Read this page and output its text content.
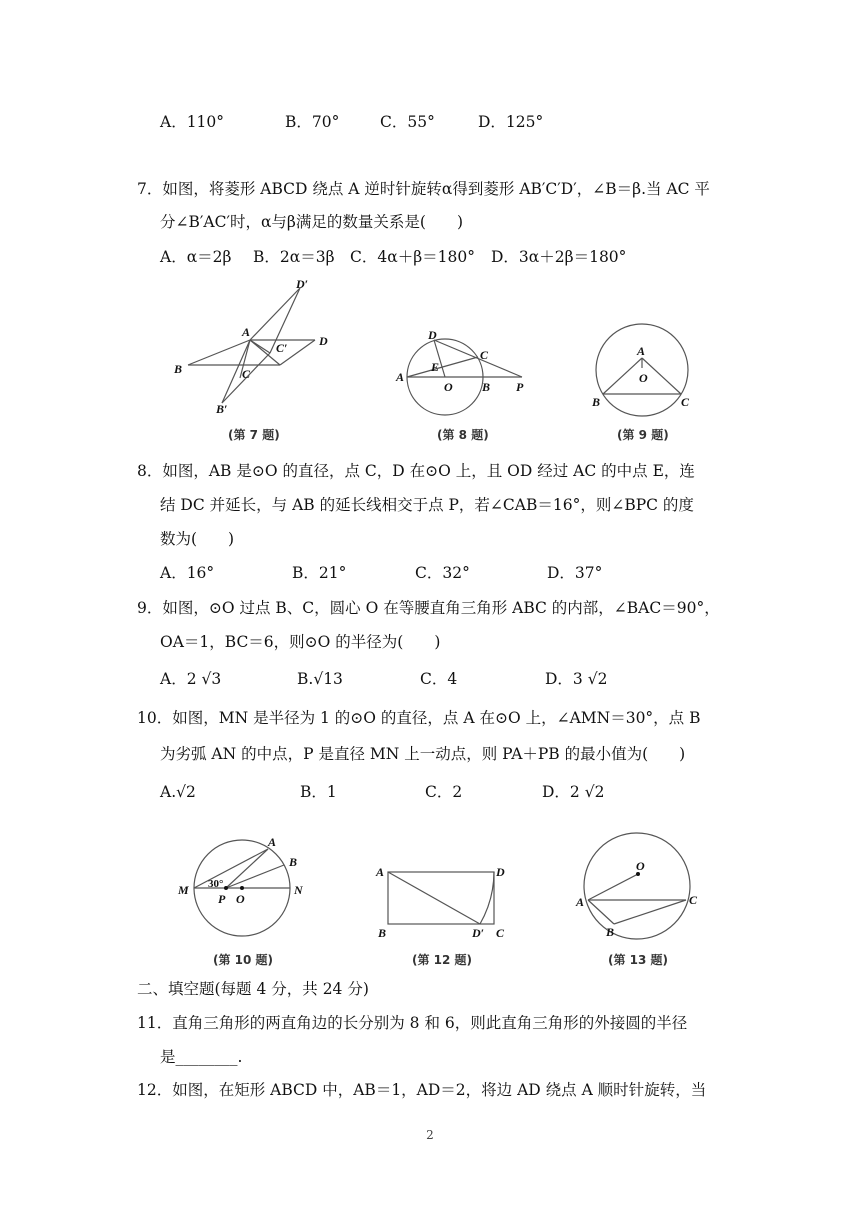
A．110°	B．70°	C．55°	D．125°
7．如图，将菱形 ABCD 绕点 A 逆时针旋转α得到菱形 AB′C′D′，∠B＝β.当 AC 平
分∠B′AC′时，α与β满足的数量关系是(　　)
A．α＝2β B．2α＝3β C．4α＋β＝180° D．3α＋2β＝180°
D′
A
C′	D
B	C
B′
(第 7 题)
D
C
E
A
O B P
(第 8 题)
A
O
B	C
(第 9 题)
8．如图，AB 是⊙O 的直径，点 C，D 在⊙O 上，且 OD 经过 AC 的中点 E，连
结 DC 并延长，与 AB 的延长线相交于点 P，若∠CAB＝16°，则∠BPC 的度
数为(　　)
A．16°	B．21°	C．32°	D．37°
9．如图，⊙O 过点 B、C，圆心 O 在等腰直角三角形 ABC 的内部，∠BAC＝90°，
OA＝1，BC＝6，则⊙O 的半径为(　　)
A．2 √3	B.√13	C．4	D．3 √2
10．如图，MN 是半径为 1 的⊙O 的直径，点 A 在⊙O 上，∠AMN＝30°，点 B
为劣弧 AN 的中点，P 是直径 MN 上一动点，则 PA＋PB 的最小值为(　　)
A.√2	B．1	C．2	D．2 √2
A
B
M 30°	N
P O
(第 10 题)
A	D
B	D′ C
(第 12 题)
O
A	C
B
(第 13 题)
二、填空题(每题 4 分，共 24 分)
11．直角三角形的两直角边的长分别为 8 和 6，则此直角三角形的外接圆的半径
是________.
12．如图，在矩形 ABCD 中，AB＝1，AD＝2，将边 AD 绕点 A 顺时针旋转，当
2
